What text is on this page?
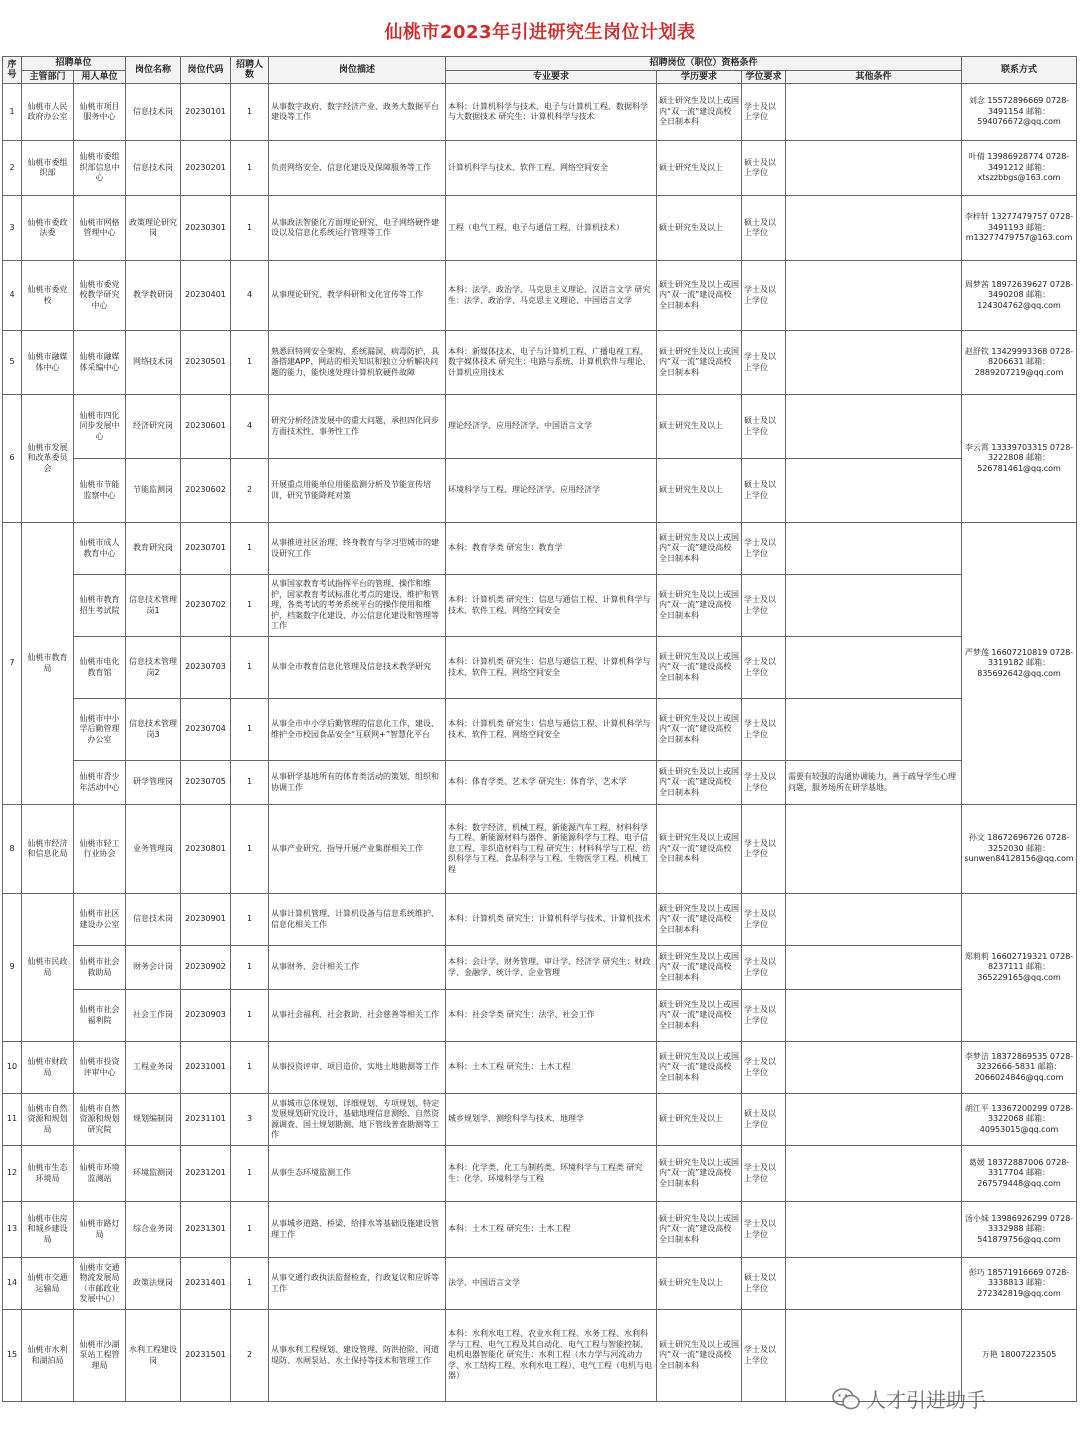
仙桃市2023年引进研究生岗位计划表
序号	招聘单位		岗位名称	岗位代码	招聘人数	岗位描述	招聘岗位（职位）资格条件				联系方式
	主管部门	用人单位					专业要求	学历要求	学位要求	其他条件	
1	仙桃市人民政府办公室	仙桃市项目服务中心	信息技术岗	20230101	1	从事数字政府、数字经济产业、政务大数据平台建设等工作	本科：计算机科学与技术、电子与计算机工程、数据科学与大数据技术 研究生：计算机科学与技术	硕士研究生及以上或国内“双一流”建设高校全日制本科	学士及以上学位		刘念 15572896669 0728-3491154 邮箱：594076672@qq.com
2	仙桃市委组织部	仙桃市委组织部信息中心	信息技术岗	20230201	1	负责网络安全、信息化建设及保障服务等工作	计算机科学与技术、软件工程、网络空间安全	硕士研究生及以上	硕士及以上学位		叶倩 13986928774 0728-3491212 邮箱：xtszzbbgs@163.com
3	仙桃市委政法委	仙桃市网格管理中心	政策理论研究岗	20230301	1	从事政法智能化方面理论研究、电子网络硬件建设以及信息化系统运行管理等工作	工程（电气工程、电子与通信工程、计算机技术）	硕士研究生及以上	硕士及以上学位		李梓轩 13277479757 0728-3491193 邮箱：m13277479757@163.com
4	仙桃市委党校	仙桃市委党校教学研究中心	教学教研岗	20230401	4	从事理论研究、教学科研和文化宣传等工作	本科：法学、政治学、马克思主义理论、汉语言文学 研究生：法学、政治学、马克思主义理论、中国语言文学	硕士研究生及以上或国内“双一流”建设高校全日制本科	学士及以上学位		周梦茜 18972639627 0728-3490208 邮箱：124304762@qq.com
5	仙桃市融媒体中心	仙桃市融媒体采编中心	网络技术岗	20230501	1	熟悉回特网安全架构、系统漏洞、病毒防护，具备搭建APP、网站的相关知识和独立分析解决问题的能力，能快速处理计算机软硬件故障	本科：新媒体技术、电子与计算机工程、广播电视工程、数字媒体技术 研究生：电路与系统、计算机软件与理论、计算机应用技术	硕士研究生及以上或国内“双一流”建设高校全日制本科	学士及以上学位		赵舒钦 13429993368 0728-8206631 邮箱：2889207219@qq.com
6	仙桃市发展和改革委员会	仙桃市四化同步发展中心	经济研究岗	20230601	4	研究分析经济发展中的重大问题，承担四化同步方面技术性、事务性工作	理论经济学、应用经济学、中国语言文学	硕士研究生及以上	硕士及以上学位		李云霄 13339703315 0728-3222808 邮箱：526781461@qq.com
		仙桃市节能监察中心	节能监测岗	20230602	2	开展重点用能单位用能监测分析及节能宣传培训，研究节能降耗对策	环境科学与工程、理论经济学、应用经济学	硕士研究生及以上	硕士及以上学位		
7	仙桃市教育局	仙桃市成人教育中心	教育研究岗	20230701	1	从事推进社区治理、终身教育与学习型城市的建设研究工作	本科：教育学类 研究生：教育学	硕士研究生及以上或国内“双一流”建设高校全日制本科	学士及以上学位		严梦莲 16607210819 0728-3319182 邮箱：835692642@qq.com
		仙桃市教育招生考试院	信息技术管理岗1	20230702	1	从事国家教育考试指挥平台的管理、操作和维护，国家教育考试标准化考点的建设、维护和管理，各类考试的考务系统平台的操作使用和维护，档案数字化建设、办公信息化建设和管理等工作	本科：计算机类 研究生：信息与通信工程、计算机科学与技术、软件工程、网络空间安全	硕士研究生及以上或国内“双一流”建设高校全日制本科	学士及以上学位		
		仙桃市电化教育馆	信息技术管理岗2	20230703	1	从事全市教育信息化管理及信息技术教学研究	本科：计算机类 研究生：信息与通信工程、计算机科学与技术、软件工程、网络空间安全	硕士研究生及以上或国内“双一流”建设高校全日制本科	学士及以上学位		
		仙桃市中小学后勤管理办公室	信息技术管理岗3	20230704	1	从事全市中小学后勤管理的信息化工作，建设、维护全市校园食品安全“互联网+”智慧化平台	本科：计算机类 研究生：信息与通信工程、计算机科学与技术、软件工程、网络空间安全	硕士研究生及以上或国内“双一流”建设高校全日制本科	学士及以上学位		
		仙桃市青少年活动中心	研学管理岗	20230705	1	从事研学基地所有的体育类活动的策划、组织和协调工作	本科：体育学类、艺术学 研究生：体育学、艺术学	硕士研究生及以上或国内“双一流”建设高校全日制本科	学士及以上学位	需要有较强的沟通协调能力，善于疏导学生心理问题，服务场所在研学基地。	
8	仙桃市经济和信息化局	仙桃市轻工行业协会	业务管理岗	20230801	1	从事产业研究、指导开展产业集群相关工作	本科：数字经济、机械工程、新能源汽车工程、材料科学与工程、新能源材料与器件、新能源科学与工程、电子信息工程、非织造材料与工程 研究生：材料科学与工程、纺织科学与工程、食品科学与工程、生物医学工程、机械工程	硕士研究生及以上或国内“双一流”建设高校全日制本科	学士及以上学位		孙文 18672696726 0728-3252030 邮箱：sunwen84128156@qq.com
9	仙桃市民政局	仙桃市社区建设办公室	信息技术岗	20230901	1	从事计算机管理、计算机设备与信息系统维护、信息化相关工作	本科：计算机类 研究生：计算机科学与技术、计算机技术	硕士研究生及以上或国内“双一流”建设高校全日制本科	学士及以上学位		郑莉莉 16602719321 0728-8237111 邮箱：365229165@qq.com
		仙桃市社会救助局	财务会计岗	20230902	1	从事财务、会计相关工作	本科：会计学、财务管理、审计学、经济学 研究生：财政学、金融学、统计学、企业管理	硕士研究生及以上或国内“双一流”建设高校全日制本科	学士及以上学位		
		仙桃市社会福利院	社会工作岗	20230903	1	从事社会福利、社会救助、社会慈善等相关工作	本科：社会学类 研究生：法学、社会工作	硕士研究生及以上或国内“双一流”建设高校全日制本科	学士及以上学位		
10	仙桃市财政局	仙桃市投资评审中心	工程业务岗	20231001	1	从事投资评审、项目造价、实地土地勘测等工作	本科：土木工程 研究生：土木工程	硕士研究生及以上或国内“双一流”建设高校全日制本科	学士及以上学位		李梦洁 18372869535 0728-3232666-5831 邮箱：2066024846@qq.com
11	仙桃市自然资源和规划局	仙桃市自然资源和规划研究院	规划编制岗	20231101	3	从事城市总体规划、详细规划、专项规划、特定发展规划研究设计，基础地理信息测绘、自然资源调查、国土规划勘测、地下管线普查勘测等工作	城乡规划学、测绘科学与技术、地理学	硕士研究生及以上	硕士及以上学位		胡江平 13367200299 0728-3322068 邮箱：40953015@qq.com
12	仙桃市生态环境局	仙桃市环境监测站	环境监测岗	20231201	1	从事生态环境监测工作	本科：化学类、化工与制药类、环境科学与工程类 研究生：化学、环境科学与工程	硕士研究生及以上或国内“双一流”建设高校全日制本科	学士及以上学位		葛媛 18372887006 0728-3317704 邮箱：267579448@qq.com
13	仙桃市住房和城乡建设局	仙桃市路灯局	综合业务岗	20231301	1	从事城乡道路、桥梁、给排水等基础设施建设管理工作	本科：土木工程 研究生：土木工程	硕士研究生及以上或国内“双一流”建设高校全日制本科	学士及以上学位		汤小妹 13986926299 0728-3332988 邮箱：541879756@qq.com
14	仙桃市交通运输局	仙桃市交通物流发展局（市邮政业发展中心）	政策法规岗	20231401	1	从事交通行政执法监督检查，行政复议和应诉等工作	法学、中国语言文学	硕士研究生及以上	硕士及以上学位		彭巧 18571916669 0728-3338813 邮箱：272342819@qq.com
15	仙桃市水利和湖泊局	仙桃市沙湖泵站工程管理局	水利工程建设岗	20231501	2	从事水利工程规划、建设管理、防洪抢险、河道堤防、水闸泵站、水土保持等技术和管理工作	本科：水利水电工程、农业水利工程、水务工程、水利科学与工程、电气工程及其自动化、电气工程与智能控制、电机电器智能化 研究生：水利工程（水力学与河流动力学、水工结构工程、水利水电工程）、电气工程（电机与电器）	硕士研究生及以上或国内“双一流”建设高校全日制本科	学士及以上学位		万艳 18007223505
人才引进助手
